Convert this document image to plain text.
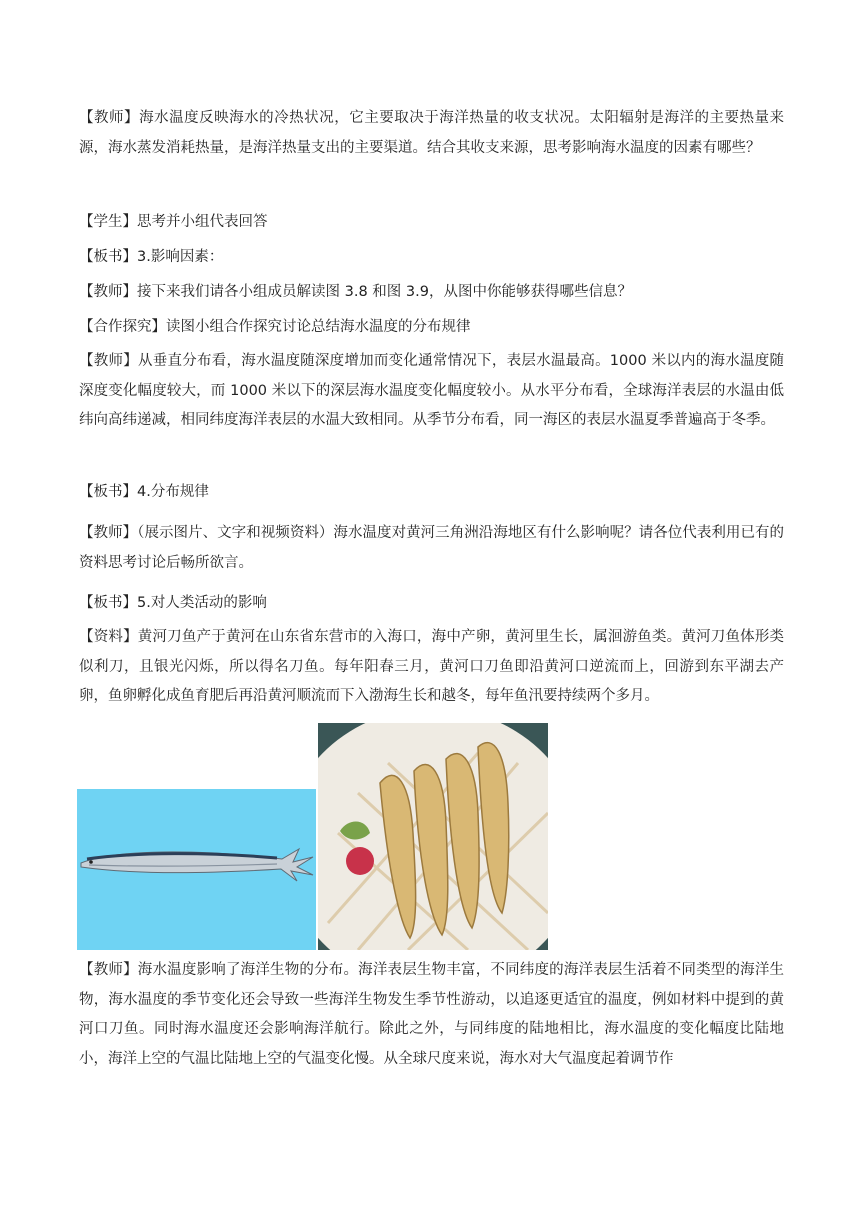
【教师】海水温度反映海水的冷热状况，它主要取决于海洋热量的收支状况。太阳辐射是海洋的主要热量来源，海水蒸发消耗热量，是海洋热量支出的主要渠道。结合其收支来源，思考影响海水温度的因素有哪些？

【学生】思考并小组代表回答

【板书】3.影响因素：

【教师】接下来我们请各小组成员解读图 3.8 和图 3.9，从图中你能够获得哪些信息？

【合作探究】读图小组合作探究讨论总结海水温度的分布规律

【教师】从垂直分布看，海水温度随深度增加而变化通常情况下，表层水温最高。1000 米以内的海水温度随深度变化幅度较大，而 1000 米以下的深层海水温度变化幅度较小。从水平分布看，全球海洋表层的水温由低纬向高纬递减，相同纬度海洋表层的水温大致相同。从季节分布看，同一海区的表层水温夏季普遍高于冬季。

【板书】4.分布规律

【教师】（展示图片、文字和视频资料）海水温度对黄河三角洲沿海地区有什么影响呢？请各位代表利用已有的资料思考讨论后畅所欲言。

【板书】5.对人类活动的影响

【资料】黄河刀鱼产于黄河在山东省东营市的入海口，海中产卵，黄河里生长，属洄游鱼类。黄河刀鱼体形类似利刀，且银光闪烁，所以得名刀鱼。每年阳春三月，黄河口刀鱼即沿黄河口逆流而上，回游到东平湖去产卵，鱼卵孵化成鱼育肥后再沿黄河顺流而下入渤海生长和越冬，每年鱼汛要持续两个多月。

【教师】海水温度影响了海洋生物的分布。海洋表层生物丰富，不同纬度的海洋表层生活着不同类型的海洋生物，海水温度的季节变化还会导致一些海洋生物发生季节性游动，以追逐更适宜的温度，例如材料中提到的黄河口刀鱼。同时海水温度还会影响海洋航行。除此之外，与同纬度的陆地相比，海水温度的变化幅度比陆地小，海洋上空的气温比陆地上空的气温变化慢。从全球尺度来说，海水对大气温度起着调节作
